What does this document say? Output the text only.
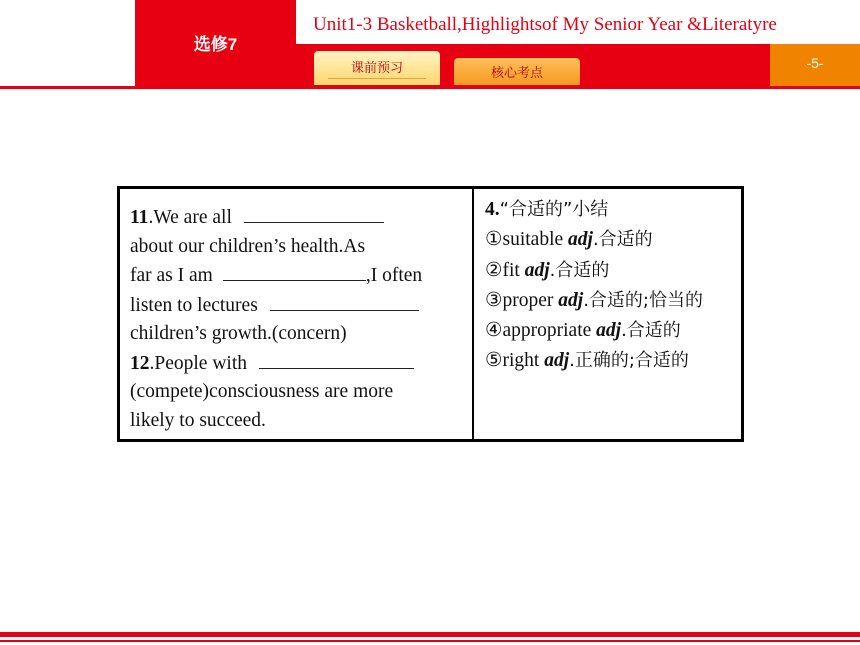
选修7
Unit1-3 Basketball,Highlightsof My Senior Year &Literatyre
课前预习	核心考点
-5-
11.We are all
about our children’s health.As
far as I am	,I often
listen to lectures
children’s growth.(concern)
12.People with
(compete)consciousness are more
likely to succeed.
4.“合适的”小结
①suitable adj.合适的
②fit adj.合适的
③proper adj.合适的;恰当的
④appropriate adj.合适的
⑤right adj.正确的;合适的
